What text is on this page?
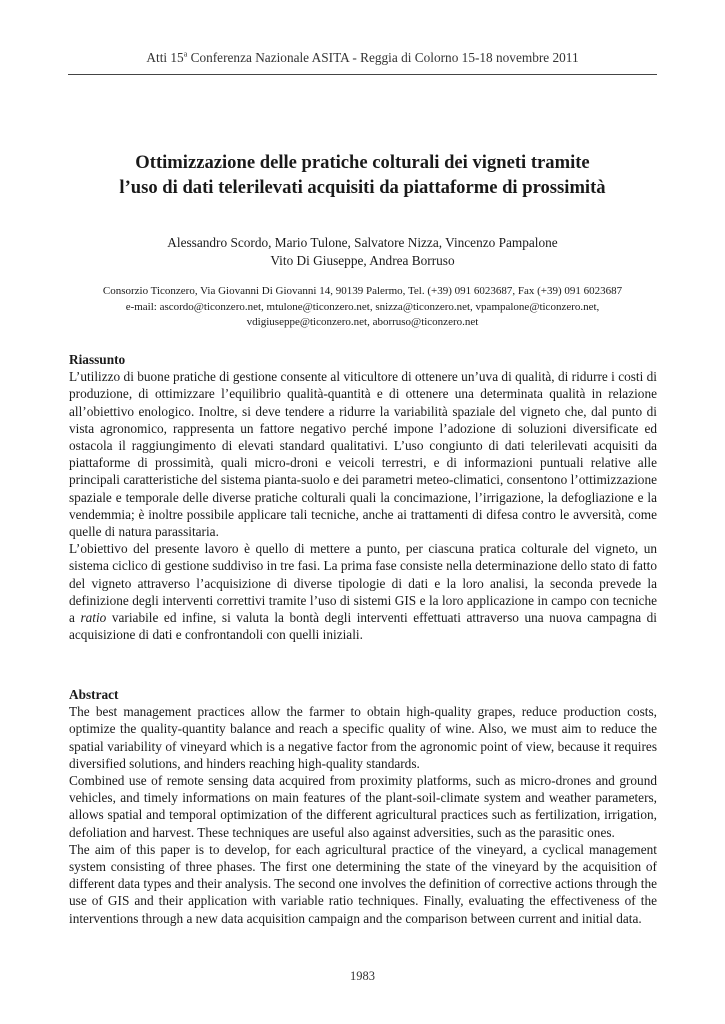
Atti 15$^a$ Conferenza Nazionale ASITA - Reggia di Colorno 15-18 novembre 2011
Ottimizzazione delle pratiche colturali dei vigneti tramite
l’uso di dati telerilevati acquisiti da piattaforme di prossimità
Alessandro Scordo, Mario Tulone, Salvatore Nizza, Vincenzo Pampalone
Vito Di Giuseppe, Andrea Borruso
Consorzio Ticonzero, Via Giovanni Di Giovanni 14, 90139 Palermo, Tel. (+39) 091 6023687, Fax (+39) 091 6023687
e-mail: ascordo@ticonzero.net, mtulone@ticonzero.net, snizza@ticonzero.net, vpampalone@ticonzero.net,
vdigiuseppe@ticonzero.net, aborruso@ticonzero.net
Riassunto

L’utilizzo di buone pratiche di gestione consente al viticultore di ottenere un’uva di qualità, di ridurre i costi di produzione, di ottimizzare l’equilibrio qualità-quantità e di ottenere una determinata qualità in relazione all’obiettivo enologico. Inoltre, si deve tendere a ridurre la variabilità spaziale del vigneto che, dal punto di vista agronomico, rappresenta un fattore negativo perché impone l’adozione di soluzioni diversificate ed ostacola il raggiungimento di elevati standard qualitativi. L’uso congiunto di dati telerilevati acquisiti da piattaforme di prossimità, quali micro-droni e veicoli terrestri, e di informazioni puntuali relative alle principali caratteristiche del sistema pianta-suolo e dei parametri meteo-climatici, consentono l’ottimizzazione spaziale e temporale delle diverse pratiche colturali quali la concimazione, l’irrigazione, la defogliazione e la vendemmia; è inoltre possibile applicare tali tecniche, anche ai trattamenti di difesa contro le avversità, come quelle di natura parassitaria.

L’obiettivo del presente lavoro è quello di mettere a punto, per ciascuna pratica colturale del vigneto, un sistema ciclico di gestione suddiviso in tre fasi. La prima fase consiste nella determinazione dello stato di fatto del vigneto attraverso l’acquisizione di diverse tipologie di dati e la loro analisi, la seconda prevede la definizione degli interventi correttivi tramite l’uso di sistemi GIS e la loro applicazione in campo con tecniche a ratio variabile ed infine, si valuta la bontà degli interventi effettuati attraverso una nuova campagna di acquisizione di dati e confrontandoli con quelli iniziali.

Abstract

The best management practices allow the farmer to obtain high-quality grapes, reduce production costs, optimize the quality-quantity balance and reach a specific quality of wine. Also, we must aim to reduce the spatial variability of vineyard which is a negative factor from the agronomic point of view, because it requires diversified solutions, and hinders reaching high-quality standards.

Combined use of remote sensing data acquired from proximity platforms, such as micro-drones and ground vehicles, and timely informations on main features of the plant-soil-climate system and weather parameters, allows spatial and temporal optimization of the different agricultural practices such as fertilization, irrigation, defoliation and harvest. These techniques are useful also against adversities, such as the parasitic ones.

The aim of this paper is to develop, for each agricultural practice of the vineyard, a cyclical management system consisting of three phases. The first one determining the state of the vineyard by the acquisition of different data types and their analysis. The second one involves the definition of corrective actions through the use of GIS and their application with variable ratio techniques. Finally, evaluating the effectiveness of the interventions through a new data acquisition campaign and the comparison between current and initial data.

1983
